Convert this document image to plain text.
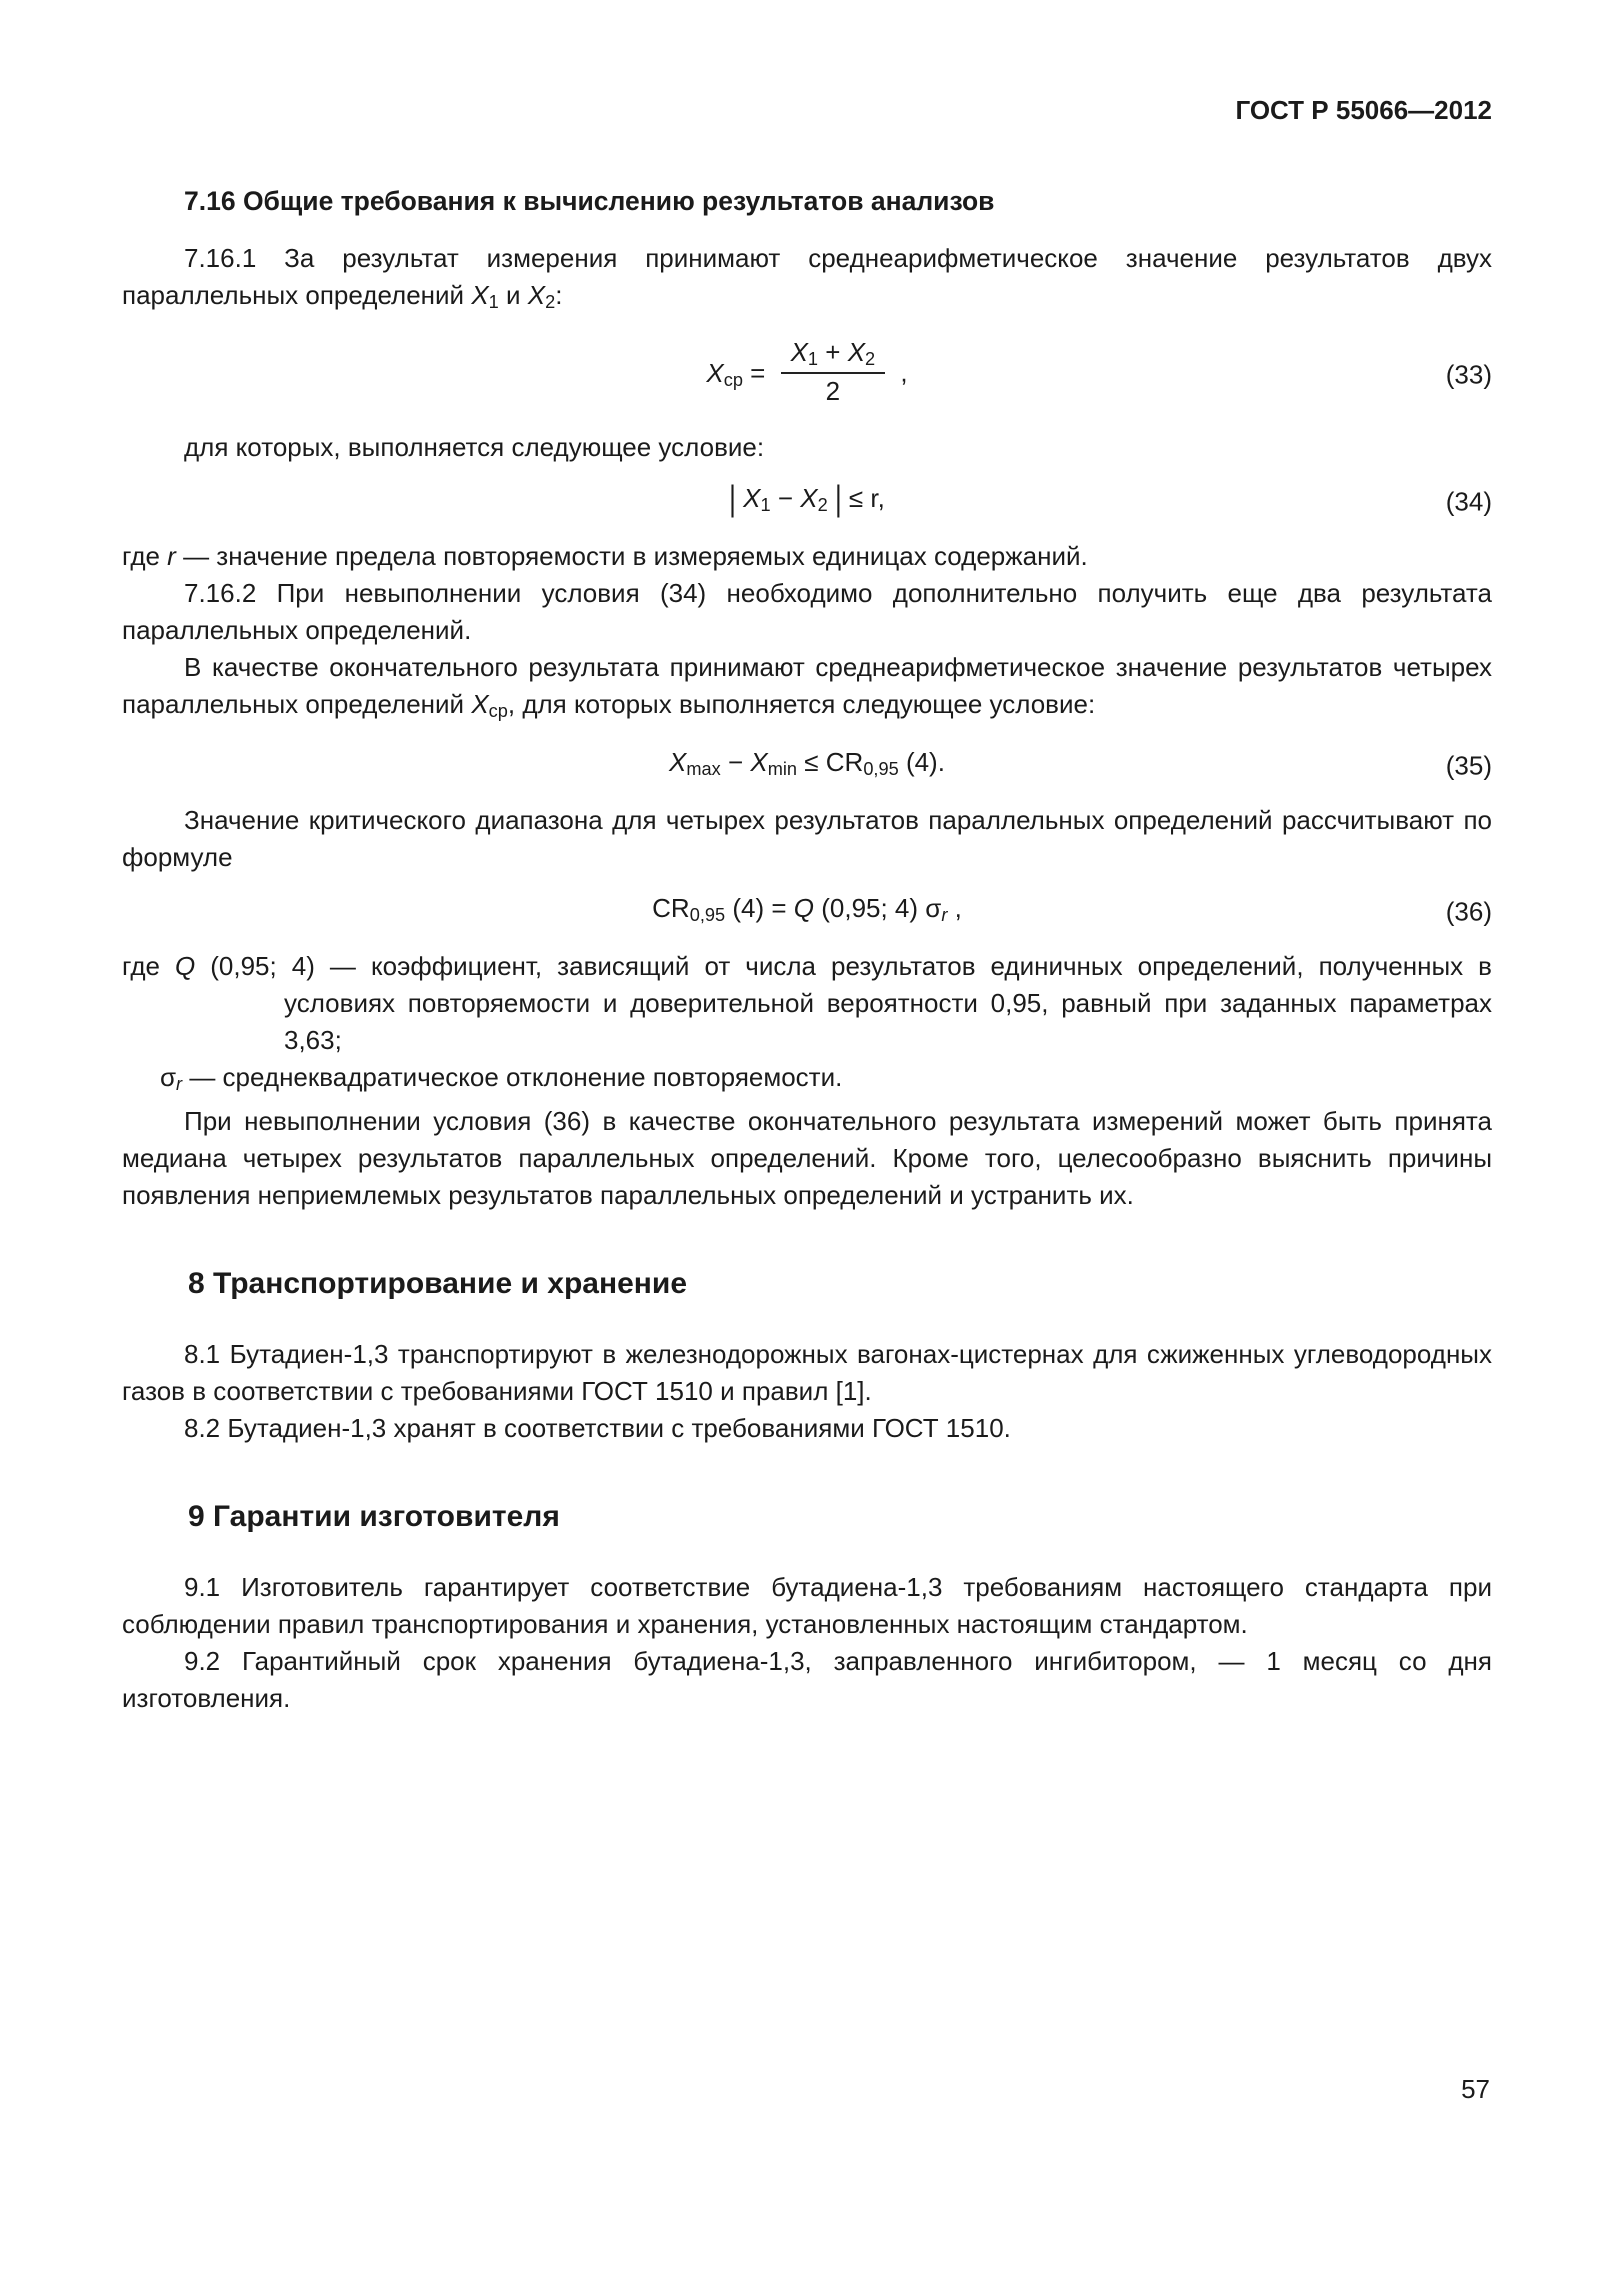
ГОСТ Р 55066—2012
7.16 Общие требования к вычислению результатов анализов

7.16.1 За результат измерения принимают среднеарифметическое значение результатов двух параллельных определений X1 и X2:

Xср = $\frac{X1 + X2}{2}$ ,	(33)

для которых, выполняется следующее условие:

| X1 − X2 | ≤ r,	(34)

где r — значение предела повторяемости в измеряемых единицах содержаний.

7.16.2 При невыполнении условия (34) необходимо дополнительно получить еще два результата параллельных определений.

В качестве окончательного результата принимают среднеарифметическое значение результатов четырех параллельных определений Xср, для которых выполняется следующее условие:

Xmax − Xmin ≤ CR0,95 (4).	(35)

Значение критического диапазона для четырех результатов параллельных определений рассчитывают по формуле

CR0,95 (4) = Q (0,95; 4) σr ,	(36)

где Q (0,95; 4) — коэффициент, зависящий от числа результатов единичных определений, полученных в условиях повторяемости и доверительной вероятности 0,95, равный при заданных параметрах 3,63;

σr — среднеквадратическое отклонение повторяемости.

При невыполнении условия (36) в качестве окончательного результата измерений может быть принята медиана четырех результатов параллельных определений. Кроме того, целесообразно выяснить причины появления неприемлемых результатов параллельных определений и устранить их.

8 Транспортирование и хранение

8.1 Бутадиен-1,3 транспортируют в железнодорожных вагонах-цистернах для сжиженных углеводородных газов в соответствии с требованиями ГОСТ 1510 и правил [1].

8.2 Бутадиен-1,3 хранят в соответствии с требованиями ГОСТ 1510.

9 Гарантии изготовителя

9.1 Изготовитель гарантирует соответствие бутадиена-1,3 требованиям настоящего стандарта при соблюдении правил транспортирования и хранения, установленных настоящим стандартом.

9.2 Гарантийный срок хранения бутадиена-1,3, заправленного ингибитором, — 1 месяц со дня изготовления.

57
